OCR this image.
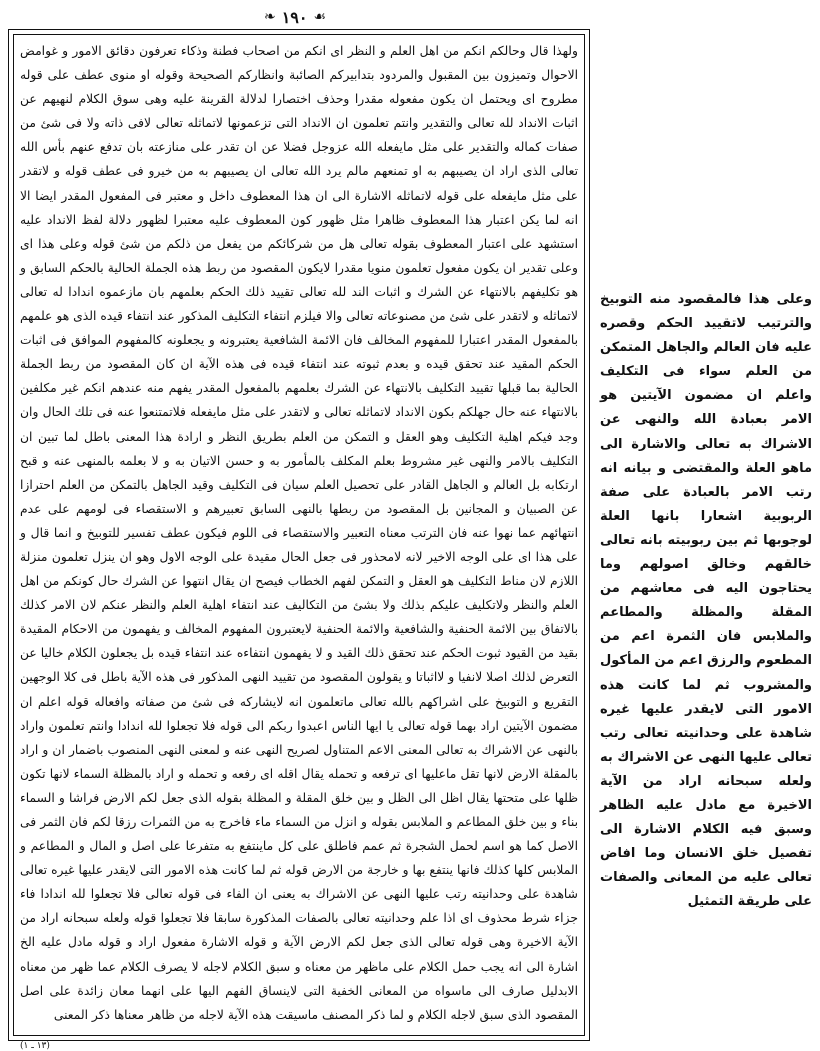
❧ ١٩٠ ☙

ولهذا قال وحالكم انكم من اهل العلم و النظر اى انكم من اصحاب فطنة وذكاء تعرفون دقائق الامور و غوامض الاحوال وتميزون بين المقبول والمردود بتدابيركم الصائبة وانظاركم الصحيحة وقوله او منوى عطف على قوله مطروح اى ويحتمل ان يكون مفعوله مقدرا وحذف اختصارا لدلالة القرينة عليه وهى سوق الكلام لنهيهم عن اثبات الانداد لله تعالى والتقدير وانتم تعلمون ان الانداد التى تزعمونها لاتماثله تعالى لافى ذاته ولا فى شئ من صفات كماله والتقدير على مثل مايفعله الله عزوجل فضلا عن ان تقدر على منازعته بان تدفع عنهم بأس الله تعالى الذى اراد ان يصيبهم به او تمنعهم مالم يرد الله تعالى ان يصيبهم به من خيرو فى عطف قوله و لاتقدر على مثل مايفعله على قوله لاتماثله الاشارة الى ان هذا المعطوف داخل و معتبر فى المفعول المقدر ايضا الا انه لما يكن اعتبار هذا المعطوف ظاهرا مثل ظهور كون المعطوف عليه معتبرا لظهور دلالة لفظ الانداد عليه استشهد على اعتبار المعطوف بقوله تعالى هل من شركائكم من يفعل من ذلكم من شئ قوله وعلى هذا اى وعلى تقدير ان يكون مفعول تعلمون منويا مقدرا لايكون المقصود من ربط هذه الجملة الحالية بالحكم السابق و هو تكليفهم بالانتهاء عن الشرك و اثبات الند لله تعالى تقييد ذلك الحكم بعلمهم بان مازعموه اندادا له تعالى لاتماثله و لاتقدر على شئ من مصنوعاته تعالى والا فيلزم انتفاء التكليف المذكور عند انتفاء قيده الذى هو علمهم بالمفعول المقدر اعتبارا للمفهوم المخالف فان الائمة الشافعية يعتبرونه و يجعلونه كالمفهوم الموافق فى اثبات الحكم المقيد عند تحقق قيده و بعدم ثبوته عند انتفاء قيده فى هذه الآية ان كان المقصود من ربط الجملة الحالية بما قبلها تقييد التكليف بالانتهاء عن الشرك بعلمهم بالمفعول المقدر يفهم منه عندهم انكم غير مكلفين بالانتهاء عنه حال جهلكم بكون الانداد لاتماثله تعالى و لاتقدر على مثل مايفعله فلاتمتنعوا عنه فى تلك الحال وان وجد فيكم اهلية التكليف وهو العقل و التمكن من العلم بطريق النظر و ارادة هذا المعنى باطل لما تبين ان التكليف بالامر والنهى غير مشروط بعلم المكلف بالمأمور به و حسن الاتيان به و لا بعلمه بالمنهى عنه و قبح ارتكابه بل العالم و الجاهل القادر على تحصيل العلم سيان فى التكليف وقيد الجاهل بالتمكن من العلم احترازا عن الصبيان و المجانين بل المقصود من ربطها بالنهى السابق تعبيرهم و الاستقصاء فى لومهم على عدم انتهائهم عما نهوا عنه فان الترتب معناه التعبير والاستقصاء فى اللوم فيكون عطف تفسير للتوبيخ و انما قال و على هذا اى على الوجه الاخير لانه لامحذور فى جعل الحال مقيدة على الوجه الاول وهو ان ينزل تعلمون منزلة اللازم لان مناط التكليف هو العقل و التمكن لفهم الخطاب فيصح ان يقال انتهوا عن الشرك حال كونكم من اهل العلم والنظر ولاتكليف عليكم بذلك ولا بشئ من التكاليف عند انتفاء اهلية العلم والنظر عنكم لان الامر كذلك بالاتفاق بين الائمة الحنفية والشافعية والائمة الحنفية لايعتبرون المفهوم المخالف و يفهمون من الاحكام المقيدة بقيد من القيود ثبوت الحكم عند تحقق ذلك القيد و لا يفهمون انتفاءه عند انتفاء قيده بل يجعلون الكلام خاليا عن التعرض لذلك اصلا لانفيا و لااثباتا و يقولون المقصود من تقييد النهى المذكور فى هذه الآية باطل فى كلا الوجهين التقريع و التوبيخ على اشراكهم بالله تعالى ماتعلمون انه لايشاركه فى شئ من صفاته وافعاله قوله اعلم ان مضمون الآيتين اراد بهما قوله تعالى يا ايها الناس اعبدوا ربكم الى قوله فلا تجعلوا لله اندادا وانتم تعلمون واراد بالنهى عن الاشراك به تعالى المعنى الاعم المتناول لصريح النهى عنه و لمعنى النهى المنصوب باضمار ان و اراد بالمقلة الارض لانها تقل ماعليها اى ترفعه و تحمله يقال اقله اى رفعه و تحمله و اراد بالمظلة السماء لانها تكون ظلها على متحتها يقال اظل الى الظل و بين خلق المقلة و المظلة بقوله الذى جعل لكم الارض فراشا و السماء بناء و بين خلق المطاعم و الملابس بقوله و انزل من السماء ماء فاخرج به من الثمرات رزقا لكم فان الثمر فى الاصل كما هو اسم لحمل الشجرة ثم عمم فاطلق على كل ماينتفع به متفرعا على اصل و المال و المطاعم و الملابس كلها كذلك فانها ينتفع بها و خارجة من الارض قوله ثم لما كانت هذه الامور التى لايقدر عليها غيره تعالى شاهدة على وحدانيته رتب عليها النهى عن الاشراك به يعنى ان الفاء فى قوله تعالى فلا تجعلوا لله اندادا فاء جزاء شرط محذوف اى اذا علم وحدانيته تعالى بالصفات المذكورة سابقا فلا تجعلوا قوله ولعله سبحانه اراد من الآية الاخيرة وهى قوله تعالى الذى جعل لكم الارض الآية و قوله الاشارة مفعول اراد و قوله مادل عليه الخ اشارة الى انه يجب حمل الكلام على ماظهر من معناه و سبق الكلام لاجله لا يصرف الكلام عما ظهر من معناه الابدليل صارف الى ماسواه من المعانى الخفية التى لاينساق الفهم اليها على انهما معان زائدة على اصل المقصود الذى سبق لاجله الكلام و لما ذكر المصنف ماسيقت هذه الآية لاجله من ظاهر معناها ذكر المعنى

وعلى هذا فالمقصود منه التوبيخ والترتيب لاتقييد الحكم وقصره عليه فان العالم والجاهل المتمكن من العلم سواء فى التكليف واعلم ان مضمون الآيتين هو الامر بعبادة الله والنهى عن الاشراك به تعالى والاشارة الى ماهو العلة والمقتضى و بيانه انه رتب الامر بالعبادة على صفة الربوبية اشعارا بانها العلة لوجوبها ثم بين ربوبيته بانه تعالى خالقهم وخالق اصولهم وما يحتاجون اليه فى معاشهم من المقلة والمظلة والمطاعم والملابس فان الثمرة اعم من المطعوم والرزق اعم من المأكول والمشروب ثم لما كانت هذه الامور التى لايقدر عليها غيره شاهدة على وحدانيته تعالى رتب تعالى عليها النهى عن الاشراك به ولعله سبحانه اراد من الآية الاخيرة مع مادل عليه الظاهر وسبق فيه الكلام الاشارة الى تفصيل خلق الانسان وما افاض تعالى عليه من المعانى والصفات على طريقة التمثيل
(١٣ ـ ١)
